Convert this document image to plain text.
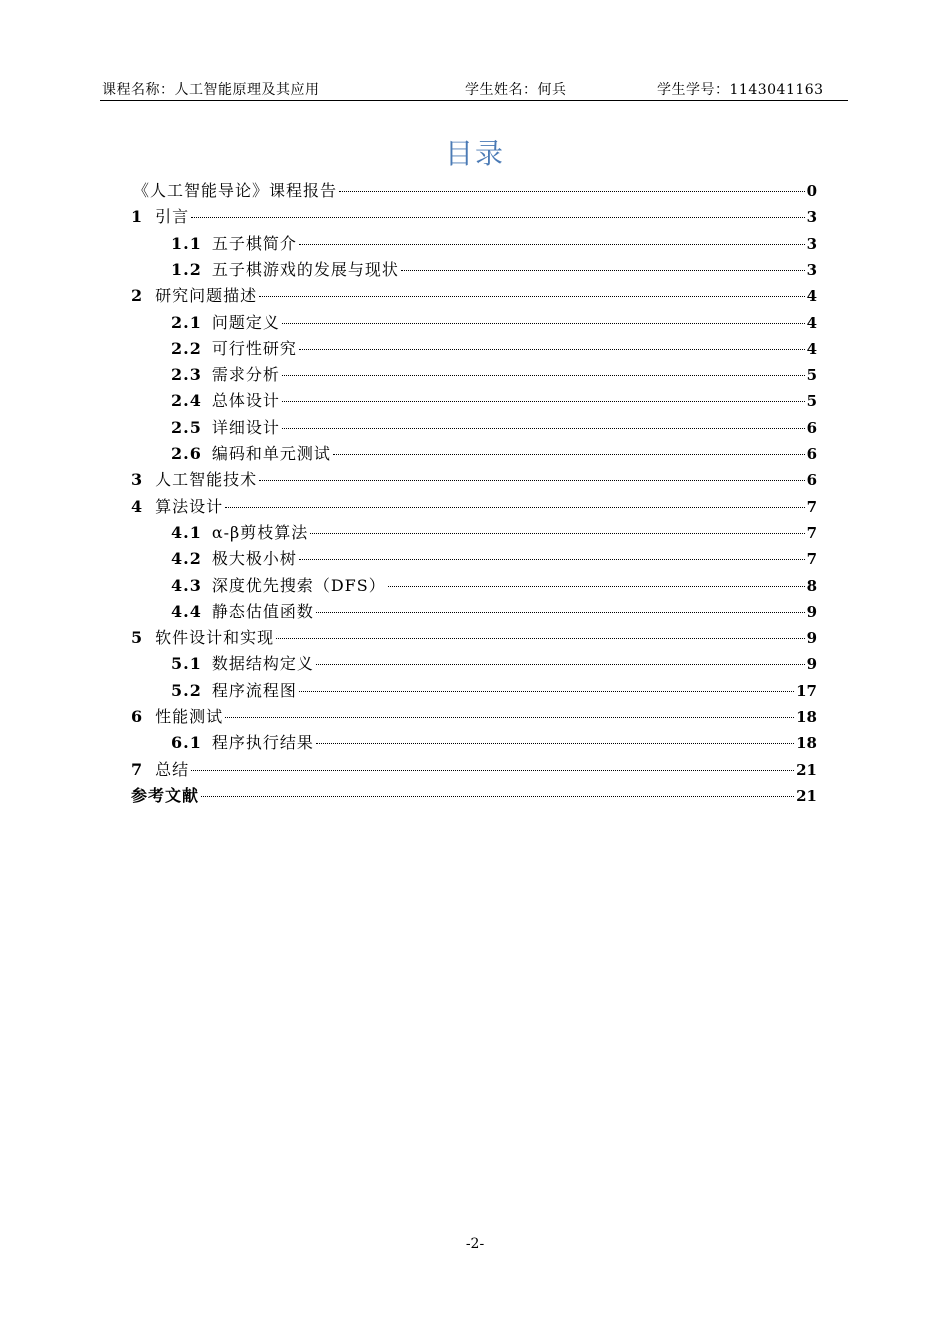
课程名称：人工智能原理及其应用	学生姓名：何兵	学生学号：1143041163
目录
《人工智能导论》课程报告	0
1 引言	3
1.1 五子棋简介	3
1.2 五子棋游戏的发展与现状	3
2 研究问题描述	4
2.1 问题定义	4
2.2 可行性研究	4
2.3 需求分析	5
2.4 总体设计	5
2.5 详细设计	6
2.6 编码和单元测试	6
3 人工智能技术	6
4 算法设计	7
4.1 α-β剪枝算法	7
4.2 极大极小树	7
4.3 深度优先搜索（DFS）	8
4.4 静态估值函数	9
5 软件设计和实现	9
5.1 数据结构定义	9
5.2 程序流程图	17
6 性能测试	18
6.1 程序执行结果	18
7 总结	21
参考文献	21
-2-
